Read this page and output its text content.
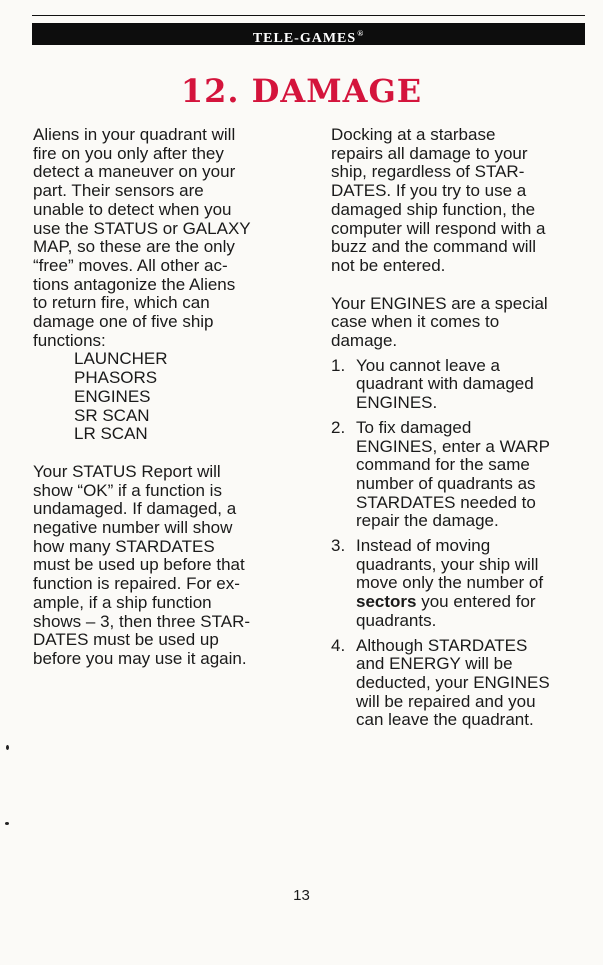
TELE-GAMES®
12. DAMAGE

Aliens in your quadrant will

fire on you only after they

detect a maneuver on your

part. Their sensors are

unable to detect when you

use the STATUS or GALAXY

MAP, so these are the only

“free” moves. All other ac-

tions antagonize the Aliens

to return fire, which can

damage one of five ship

functions:

LAUNCHER

PHASORS

ENGINES

SR SCAN

LR SCAN

Your STATUS Report will

show “OK” if a function is

undamaged. If damaged, a

negative number will show

how many STARDATES

must be used up before that

function is repaired. For ex-

ample, if a ship function

shows – 3, then three STAR-

DATES must be used up

before you may use it again.

Docking at a starbase

repairs all damage to your

ship, regardless of STAR-

DATES. If you try to use a

damaged ship function, the

computer will respond with a

buzz and the command will

not be entered.

Your ENGINES are a special

case when it comes to

damage.

1. You cannot leave a
quadrant with damaged
ENGINES.
2. To fix damaged
ENGINES, enter a WARP
command for the same
number of quadrants as
STARDATES needed to
repair the damage.
3. Instead of moving
quadrants, your ship will
move only the number of
sectors you entered for
quadrants.
4. Although STARDATES
and ENERGY will be
deducted, your ENGINES
will be repaired and you
can leave the quadrant.
13
